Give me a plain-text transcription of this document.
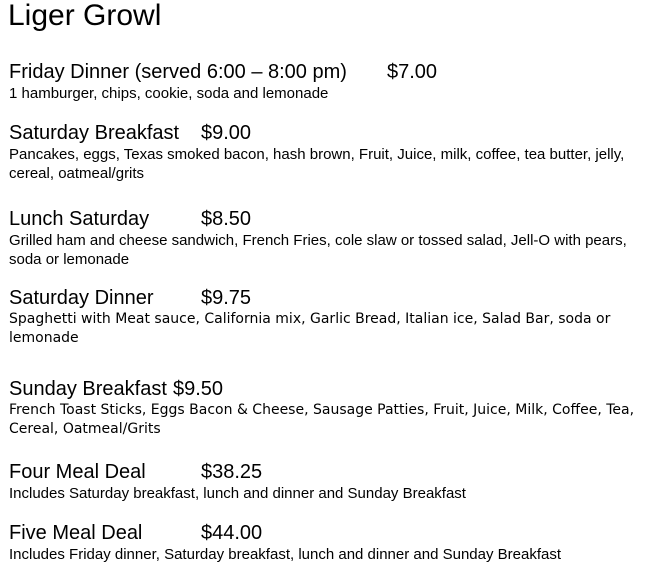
Liger Growl
Friday Dinner (served 6:00 – 8:00 pm) $7.00
1 hamburger, chips, cookie, soda and lemonade
Saturday Breakfast $9.00
Pancakes, eggs, Texas smoked bacon, hash brown, Fruit, Juice, milk, coffee, tea butter, jelly, cereal, oatmeal/grits
Lunch Saturday	$8.50
Grilled ham and cheese sandwich, French Fries, cole slaw or tossed salad, Jell-O with pears, soda or lemonade
Saturday Dinner $9.75
Spaghetti with Meat sauce, California mix, Garlic Bread, Italian ice, Salad Bar, soda or lemonade
Sunday Breakfast $9.50
French Toast Sticks, Eggs Bacon & Cheese, Sausage Patties, Fruit, Juice, Milk, Coffee, Tea, Cereal, Oatmeal/Grits
Four Meal Deal	$38.25
Includes Saturday breakfast, lunch and dinner and Sunday Breakfast
Five Meal Deal	$44.00
Includes Friday dinner, Saturday breakfast, lunch and dinner and Sunday Breakfast
